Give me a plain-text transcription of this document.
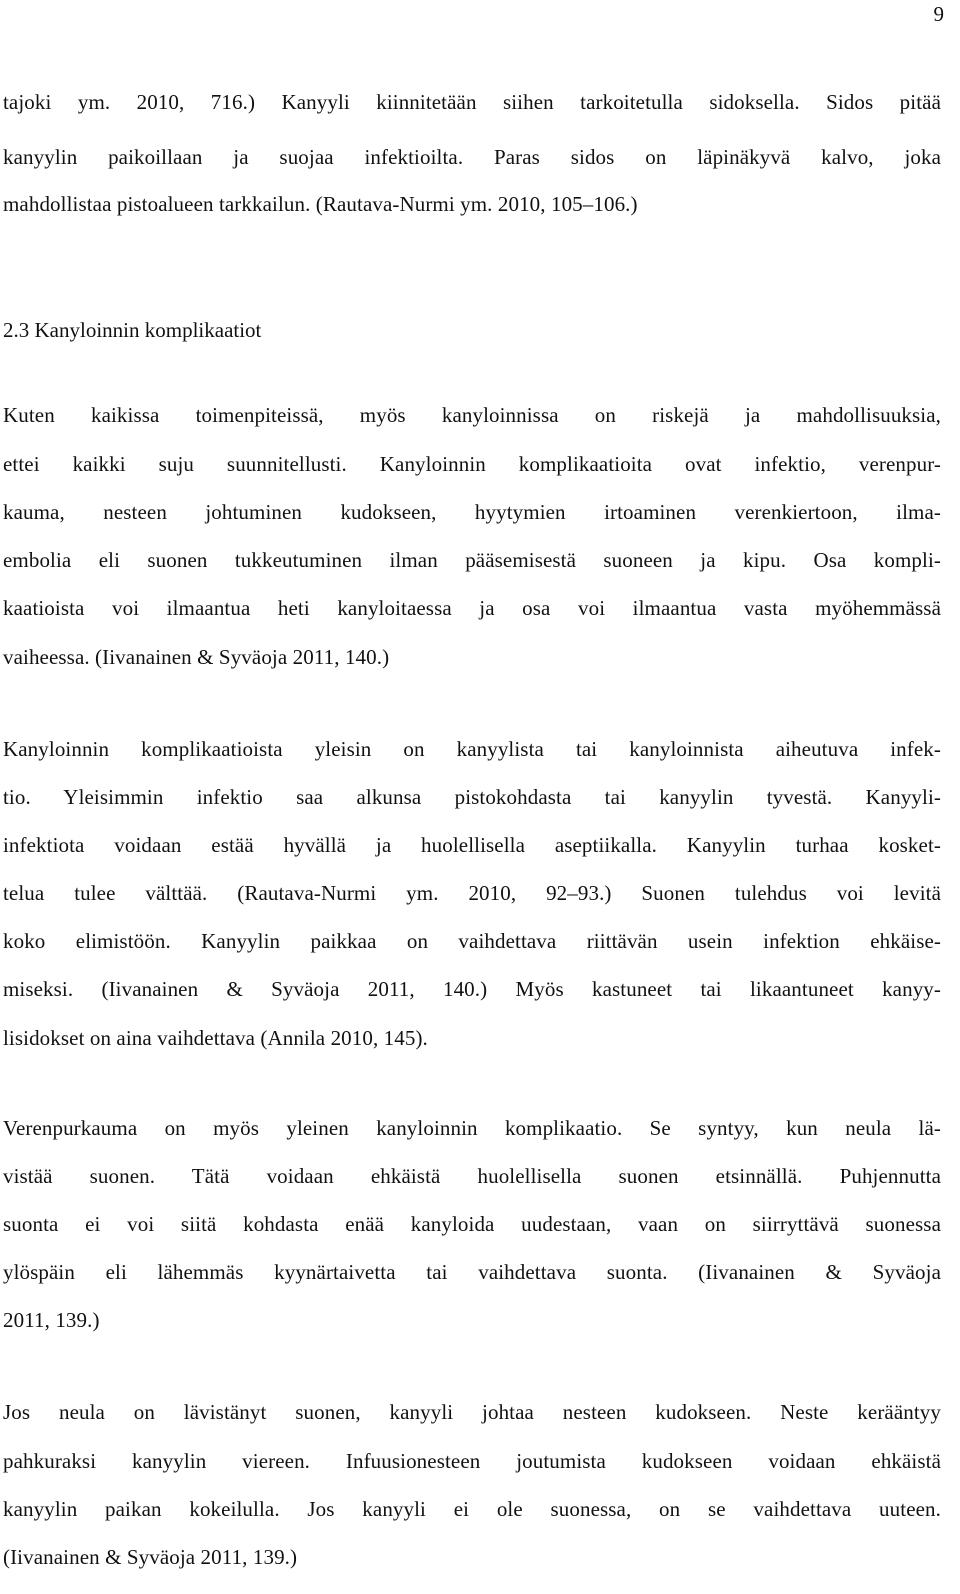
9
tajoki ym. 2010, 716.) Kanyyli kiinnitetään siihen tarkoitetulla sidoksella. Sidos pitää
kanyylin paikoillaan ja suojaa infektioilta. Paras sidos on läpinäkyvä kalvo, joka
mahdollistaa pistoalueen tarkkailun. (Rautava-Nurmi ym. 2010, 105–106.)
2.3 Kanyloinnin komplikaatiot
Kuten kaikissa toimenpiteissä, myös kanyloinnissa on riskejä ja mahdollisuuksia,
ettei kaikki suju suunnitellusti. Kanyloinnin komplikaatioita ovat infektio, verenpur-
kauma, nesteen johtuminen kudokseen, hyytymien irtoaminen verenkiertoon, ilma-
embolia eli suonen tukkeutuminen ilman pääsemisestä suoneen ja kipu. Osa kompli-
kaatioista voi ilmaantua heti kanyloitaessa ja osa voi ilmaantua vasta myöhemmässä
vaiheessa. (Iivanainen & Syväoja 2011, 140.)
Kanyloinnin komplikaatioista yleisin on kanyylista tai kanyloinnista aiheutuva infek-
tio. Yleisimmin infektio saa alkunsa pistokohdasta tai kanyylin tyvestä. Kanyyli-
infektiota voidaan estää hyvällä ja huolellisella aseptiikalla. Kanyylin turhaa kosket-
telua tulee välttää. (Rautava-Nurmi ym. 2010, 92–93.) Suonen tulehdus voi levitä
koko elimistöön. Kanyylin paikkaa on vaihdettava riittävän usein infektion ehkäise-
miseksi. (Iivanainen & Syväoja 2011, 140.) Myös kastuneet tai likaantuneet kanyy-
lisidokset on aina vaihdettava (Annila 2010, 145).
Verenpurkauma on myös yleinen kanyloinnin komplikaatio. Se syntyy, kun neula lä-
vistää suonen. Tätä voidaan ehkäistä huolellisella suonen etsinnällä. Puhjennutta
suonta ei voi siitä kohdasta enää kanyloida uudestaan, vaan on siirryttävä suonessa
ylöspäin eli lähemmäs kyynärtaivetta tai vaihdettava suonta. (Iivanainen & Syväoja
2011, 139.)
Jos neula on lävistänyt suonen, kanyyli johtaa nesteen kudokseen. Neste kerääntyy
pahkuraksi kanyylin viereen. Infuusionesteen joutumista kudokseen voidaan ehkäistä
kanyylin paikan kokeilulla. Jos kanyyli ei ole suonessa, on se vaihdettava uuteen.
(Iivanainen & Syväoja 2011, 139.)
